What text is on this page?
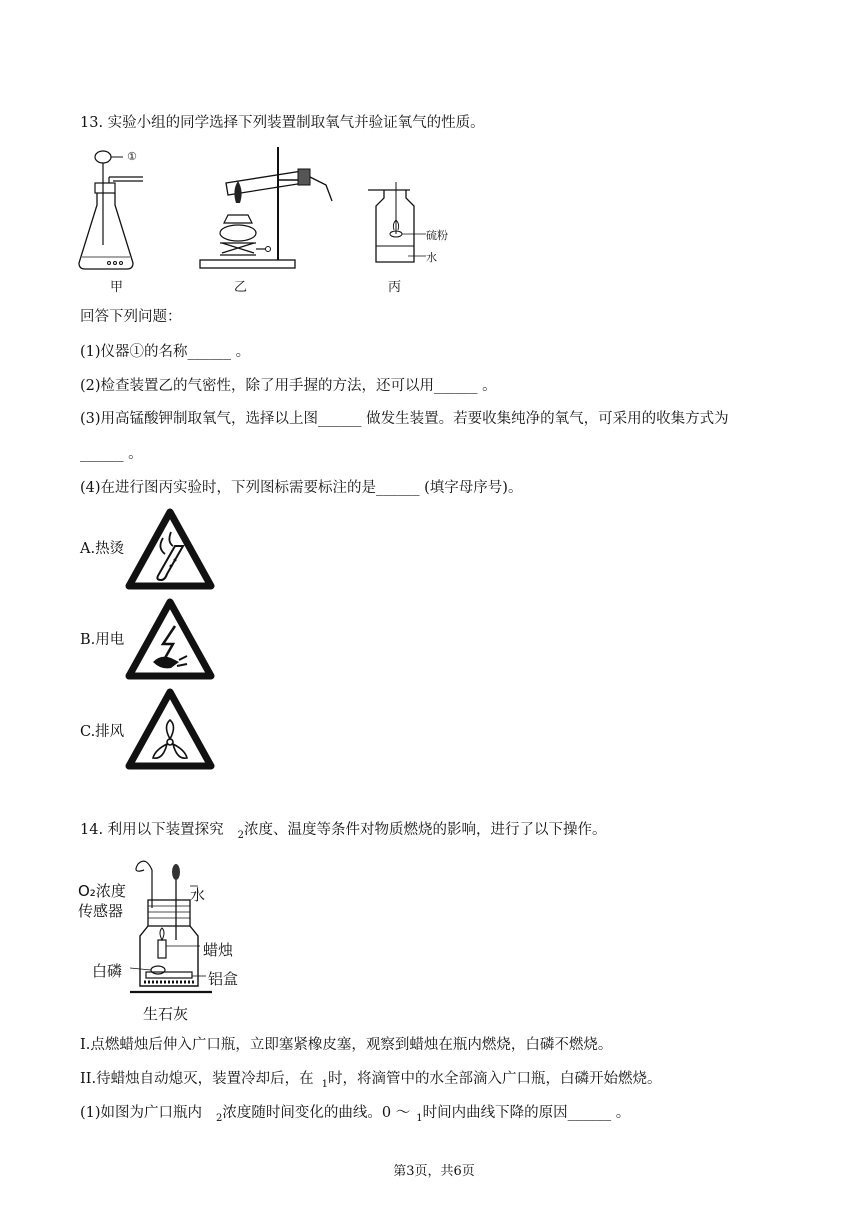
13. 实验小组的同学选择下列装置制取氧气并验证氧气的性质。
①
甲	乙
硫粉
水
丙
回答下列问题：
(1)仪器①的名称______ 。
(2)检查装置乙的气密性，除了用手握的方法，还可以用______ 。
(3)用高锰酸钾制取氧气，选择以上图______ 做发生装置。若要收集纯净的氧气，可采用的收集方式为
______ 。
(4)在进行图丙实验时，下列图标需要标注的是______ (填字母序号)。
A.热烫
B.用电
C.排风
14. 利用以下装置探究 $_2$浓度、温度等条件对物质燃烧的影响，进行了以下操作。
O₂浓度
传感器
水
蜡烛
白磷	铝盒
生石灰
I.点燃蜡烛后伸入广口瓶，立即塞紧橡皮塞，观察到蜡烛在瓶内燃烧，白磷不燃烧。
II.待蜡烛自动熄灭，装置冷却后，在 $_1$时，将滴管中的水全部滴入广口瓶，白磷开始燃烧。
(1)如图为广口瓶内 $_2$浓度随时间变化的曲线。0 ～ $_1$时间内曲线下降的原因______ 。
第3页，共6页
